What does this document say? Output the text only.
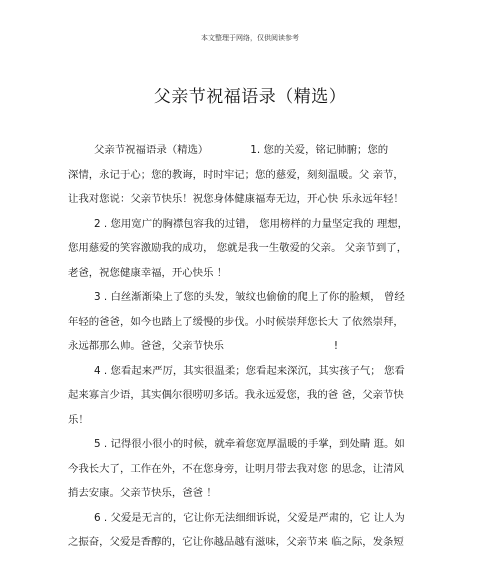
本文整理于网络，仅供阅读参考
父亲节祝福语录（精选）
父亲节祝福语录（精选）	1. 您的关爱，铭记肺腑；您的
深情，永记于心；您的教诲，时时牢记；您的慈爱，刻刻温暖。父 亲节，
让我对您说：父亲节快乐！祝您身体健康福寿无边，开心快 乐永远年轻！
2 . 您用宽广的胸襟包容我的过错， 您用榜样的力量坚定我的 理想，
您用慈爱的笑容激励我的成功， 您就是我一生敬爱的父亲。 父亲节到了，
老爸，祝您健康幸福，开心快乐 ！
3 . 白丝渐渐染上了您的头发，皱纹也偷偷的爬上了你的脸颊， 曾经
年轻的爸爸，如今也踏上了缓慢的步伐。小时候崇拜您长大 了依然崇拜，
永远都那么帅。爸爸，父亲节快乐	!
4 . 您看起来严厉，其实很温柔；您看起来深沉，其实孩子气； 您看
起来寡言少语，其实偶尔很唠叨多话。我永远爱您，我的爸 爸，父亲节快
乐！
5 . 记得很小很小的时候，就牵着您宽厚温暖的手掌，到处睛 逛。如
今我长大了，工作在外，不在您身旁，让明月带去我对您 的思念，让清风
捎去安康。父亲节快乐，爸爸 ！
6 . 父爱是无言的，它让你无法细细诉说，父爱是严肃的，它 让人为
之振奋，父爱是香醇的，它让你越品越有滋味，父亲节来 临之际，发条短
